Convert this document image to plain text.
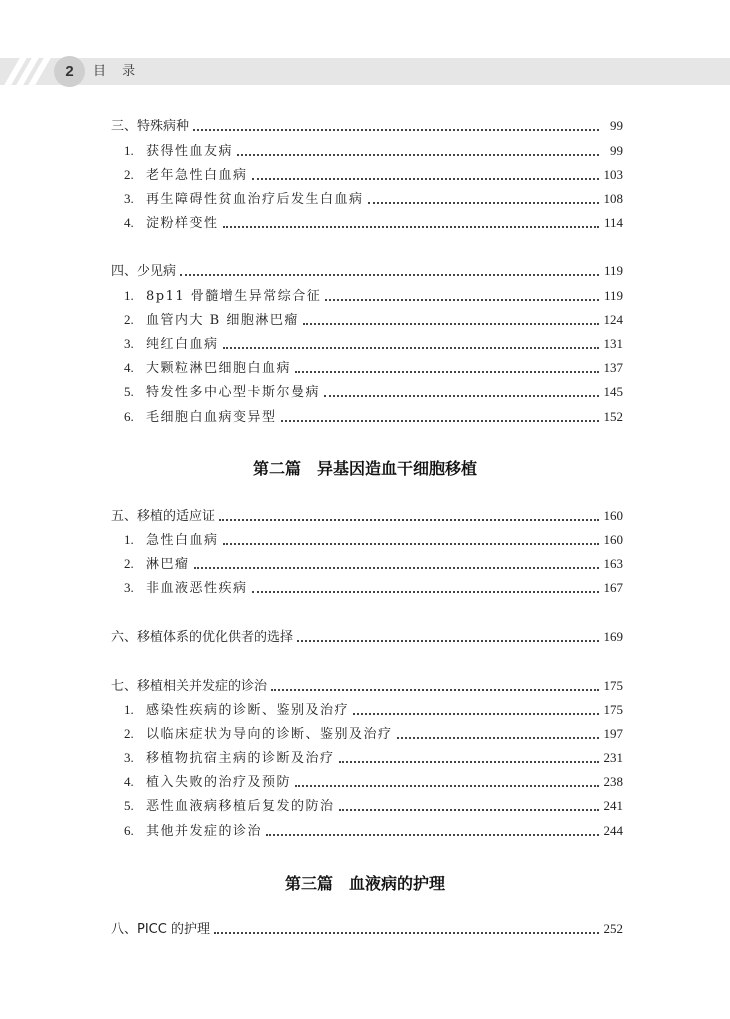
2	目 录
三、特殊病种	99
1. 获得性血友病	99
2. 老年急性白血病	103
3. 再生障碍性贫血治疗后发生白血病	108
4. 淀粉样变性	114
四、少见病	119
1. 8p11 骨髓增生异常综合征	119
2. 血管内大 B 细胞淋巴瘤	124
3. 纯红白血病	131
4. 大颗粒淋巴细胞白血病	137
5. 特发性多中心型卡斯尔曼病	145
6. 毛细胞白血病变异型	152
第二篇　异基因造血干细胞移植
五、移植的适应证	160
1. 急性白血病	160
2. 淋巴瘤	163
3. 非血液恶性疾病	167
六、移植体系的优化供者的选择	169
七、移植相关并发症的诊治	175
1. 感染性疾病的诊断、鉴别及治疗	175
2. 以临床症状为导向的诊断、鉴别及治疗	197
3. 移植物抗宿主病的诊断及治疗	231
4. 植入失败的治疗及预防	238
5. 恶性血液病移植后复发的防治	241
6. 其他并发症的诊治	244
第三篇　血液病的护理
八、PICC 的护理	252
